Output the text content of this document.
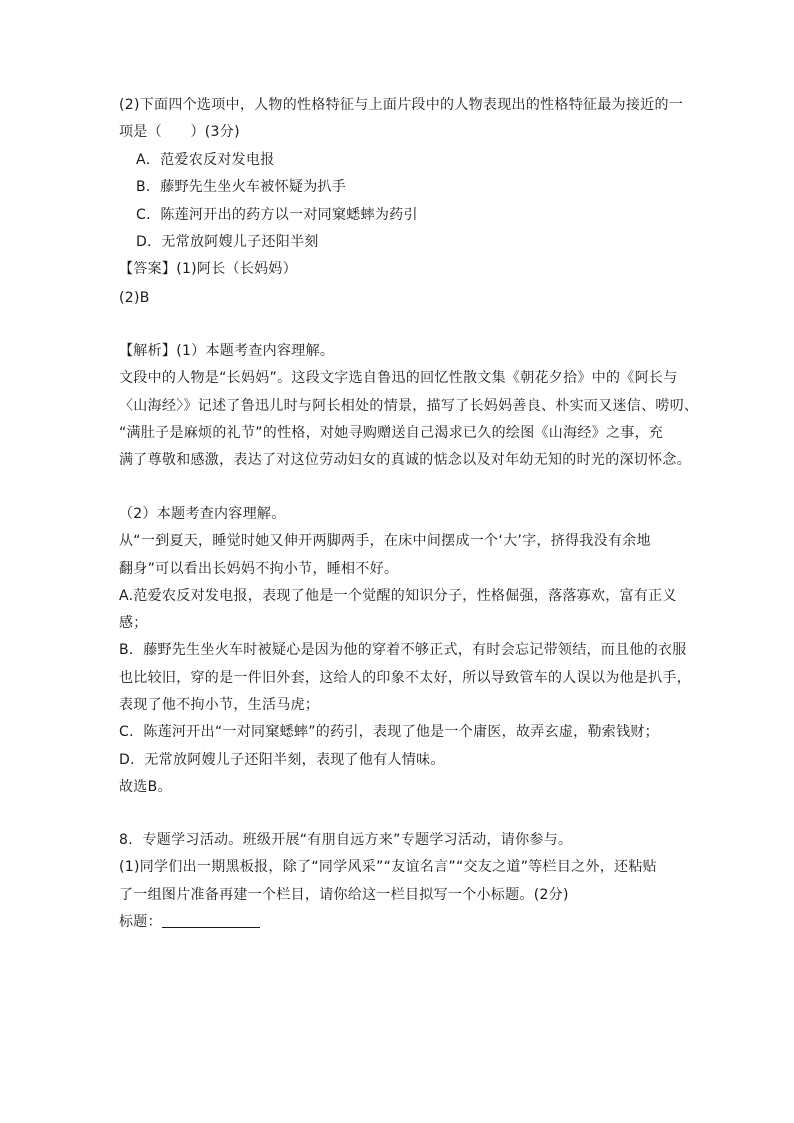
(2)下面四个选项中，人物的性格特征与上面片段中的人物表现出的性格特征最为接近的一
项是（　　）(3分)
A．范爱农反对发电报
B．藤野先生坐火车被怀疑为扒手
C．陈莲河开出的药方以一对同窠蟋蟀为药引
D．无常放阿嫂儿子还阳半刻
【答案】(1)阿长（长妈妈）
(2)B
【解析】(1）本题考查内容理解。
文段中的人物是“长妈妈”。这段文字选自鲁迅的回忆性散文集《朝花夕拾》中的《阿长与
〈山海经〉》记述了鲁迅儿时与阿长相处的情景，描写了长妈妈善良、朴实而又迷信、唠叨、
“满肚子是麻烦的礼节”的性格，对她寻购赠送自己渴求已久的绘图《山海经》之事，充
满了尊敬和感激，表达了对这位劳动妇女的真诚的惦念以及对年幼无知的时光的深切怀念。
（2）本题考查内容理解。
从“一到夏天，睡觉时她又伸开两脚两手，在床中间摆成一个‘大’字，挤得我没有余地
翻身”可以看出长妈妈不拘小节，睡相不好。
A.范爱农反对发电报，表现了他是一个觉醒的知识分子，性格倔强，落落寡欢，富有正义
感；
B．藤野先生坐火车时被疑心是因为他的穿着不够正式，有时会忘记带领结，而且他的衣服
也比较旧，穿的是一件旧外套，这给人的印象不太好，所以导致管车的人误以为他是扒手，
表现了他不拘小节，生活马虎；
C．陈莲河开出“一对同窠蟋蟀”的药引，表现了他是一个庸医，故弄玄虚，勒索钱财；
D．无常放阿嫂儿子还阳半刻，表现了他有人情味。
故选B。
8．专题学习活动。班级开展“有朋自远方来”专题学习活动，请你参与。
(1)同学们出一期黑板报，除了“同学风采”“友谊名言”“交友之道”等栏目之外，还粘贴
了一组图片准备再建一个栏目，请你给这一栏目拟写一个小标题。(2分)
标题：
